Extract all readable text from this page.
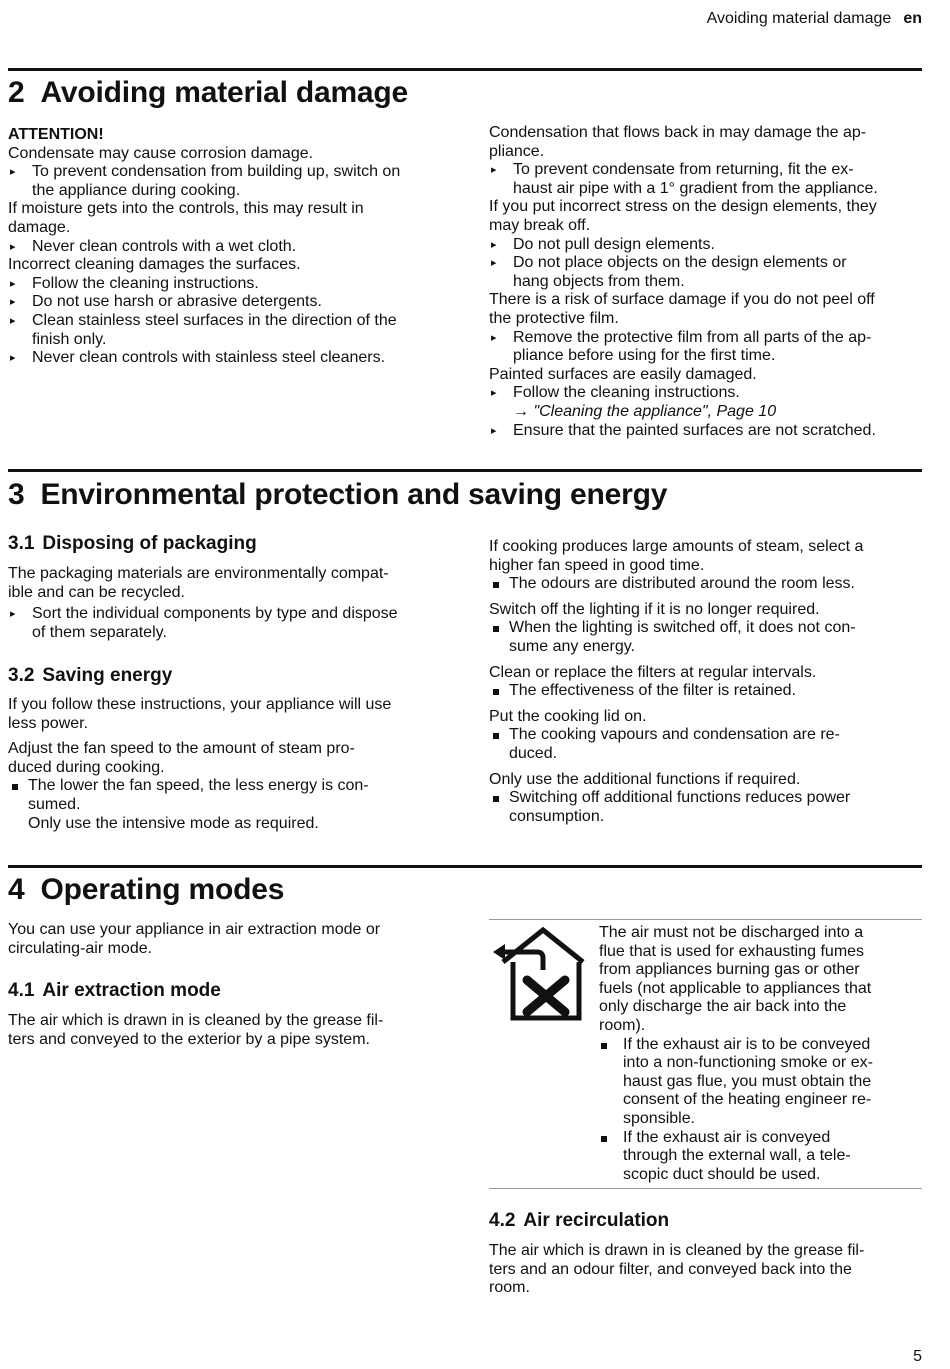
Avoiding material damage en
2 Avoiding material damage

ATTENTION!

Condensate may cause corrosion damage.

▸ To prevent condensation from building up, switch on
the appliance during cooking.

If moisture gets into the controls, this may result in
damage.

▸ Never clean controls with a wet cloth.

Incorrect cleaning damages the surfaces.

▸ Follow the cleaning instructions.
▸ Do not use harsh or abrasive detergents.
▸ Clean stainless steel surfaces in the direction of the
finish only.
▸ Never clean controls with stainless steel cleaners.

Condensation that flows back in may damage the ap-
pliance.

▸ To prevent condensate from returning, fit the ex-
haust air pipe with a 1° gradient from the appliance.

If you put incorrect stress on the design elements, they
may break off.

▸ Do not pull design elements.
▸ Do not place objects on the design elements or
hang objects from them.

There is a risk of surface damage if you do not peel off
the protective film.

▸ Remove the protective film from all parts of the ap-
pliance before using for the first time.

Painted surfaces are easily damaged.

▸ Follow the cleaning instructions.
→ "Cleaning the appliance", Page 10
▸ Ensure that the painted surfaces are not scratched.
3 Environmental protection and saving energy
3.1 Disposing of packaging

The packaging materials are environmentally compat-
ible and can be recycled.

▸ Sort the individual components by type and dispose
of them separately.
3.2 Saving energy

If you follow these instructions, your appliance will use
less power.

Adjust the fan speed to the amount of steam pro-
duced during cooking.

The lower the fan speed, the less energy is con-
sumed.
Only use the intensive mode as required.

If cooking produces large amounts of steam, select a
higher fan speed in good time.

The odours are distributed around the room less.

Switch off the lighting if it is no longer required.

When the lighting is switched off, it does not con-
sume any energy.

Clean or replace the filters at regular intervals.

The effectiveness of the filter is retained.

Put the cooking lid on.

The cooking vapours and condensation are re-
duced.

Only use the additional functions if required.

Switching off additional functions reduces power
consumption.
4 Operating modes

You can use your appliance in air extraction mode or
circulating-air mode.

4.1 Air extraction mode

The air which is drawn in is cleaned by the grease fil-
ters and conveyed to the exterior by a pipe system.

The air must not be discharged into a
flue that is used for exhausting fumes
from appliances burning gas or other
fuels (not applicable to appliances that
only discharge the air back into the
room).
If the exhaust air is to be conveyed
into a non-functioning smoke or ex-
haust gas flue, you must obtain the
consent of the heating engineer re-
sponsible.
If the exhaust air is conveyed
through the external wall, a tele-
scopic duct should be used.
4.2 Air recirculation

The air which is drawn in is cleaned by the grease fil-
ters and an odour filter, and conveyed back into the
room.

5
